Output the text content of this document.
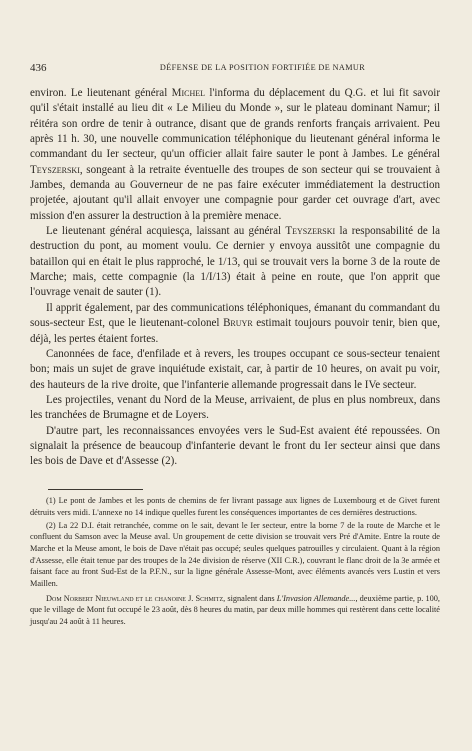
436	DÉFENSE DE LA POSITION FORTIFIÉE DE NAMUR

environ. Le lieutenant général Michel l'informa du déplacement du Q.G. et lui fit savoir qu'il s'était installé au lieu dit « Le Milieu du Monde », sur le plateau dominant Namur; il réitéra son ordre de tenir à outrance, disant que de grands renforts français arrivaient. Peu après 11 h. 30, une nouvelle communication téléphonique du lieutenant général informa le commandant du Ier secteur, qu'un officier allait faire sauter le pont à Jambes. Le général Teyszerski, songeant à la retraite éventuelle des troupes de son secteur qui se trouvaient à Jambes, demanda au Gouverneur de ne pas faire exécuter immédiatement la destruction projetée, ajoutant qu'il allait envoyer une compagnie pour garder cet ouvrage d'art, avec mission d'en assurer la destruction à la première menace.

Le lieutenant général acquiesça, laissant au général Teyszerski la responsabilité de la destruction du pont, au moment voulu. Ce dernier y envoya aussitôt une compagnie du bataillon qui en était le plus rapproché, le 1/13, qui se trouvait vers la borne 3 de la route de Marche; mais, cette compagnie (la 1/I/13) était à peine en route, que l'on apprit que l'ouvrage venait de sauter (1).

Il apprit également, par des communications téléphoniques, émanant du commandant du sous-secteur Est, que le lieutenant-colonel Bruyr estimait toujours pouvoir tenir, bien que, déjà, les pertes étaient fortes.

Canonnées de face, d'enfilade et à revers, les troupes occupant ce sous-secteur tenaient bon; mais un sujet de grave inquiétude existait, car, à partir de 10 heures, on avait pu voir, des hauteurs de la rive droite, que l'infanterie allemande progressait dans le IVe secteur.

Les projectiles, venant du Nord de la Meuse, arrivaient, de plus en plus nombreux, dans les tranchées de Brumagne et de Loyers.

D'autre part, les reconnaissances envoyées vers le Sud-Est avaient été repoussées. On signalait la présence de beaucoup d'infanterie devant le front du Ier secteur ainsi que dans les bois de Dave et d'Assesse (2).

(1) Le pont de Jambes et les ponts de chemins de fer livrant passage aux lignes de Luxembourg et de Givet furent détruits vers midi. L'annexe no 14 indique quelles furent les conséquences importantes de ces dernières destructions.

(2) La 22 D.I. était retranchée, comme on le sait, devant le Ier secteur, entre la borne 7 de la route de Marche et le confluent du Samson avec la Meuse aval. Un groupement de cette division se trouvait vers Pré d'Amite. Entre la route de Marche et la Meuse amont, le bois de Dave n'était pas occupé; seules quelques patrouilles y circulaient. Quant à la région d'Assesse, elle était tenue par des troupes de la 24e division de réserve (XII C.R.), couvrant le flanc droit de la 3e armée et faisant face au front Sud-Est de la P.F.N., sur la ligne générale Assesse-Mont, avec éléments avancés vers Lustin et vers Maillen.

Dom Norbert Nieuwland et le chanoine J. Schmitz, signalent dans L'Invasion Allemande..., deuxième partie, p. 100, que le village de Mont fut occupé le 23 août, dès 8 heures du matin, par deux mille hommes qui restèrent dans cette localité jusqu'au 24 août à 11 heures.
